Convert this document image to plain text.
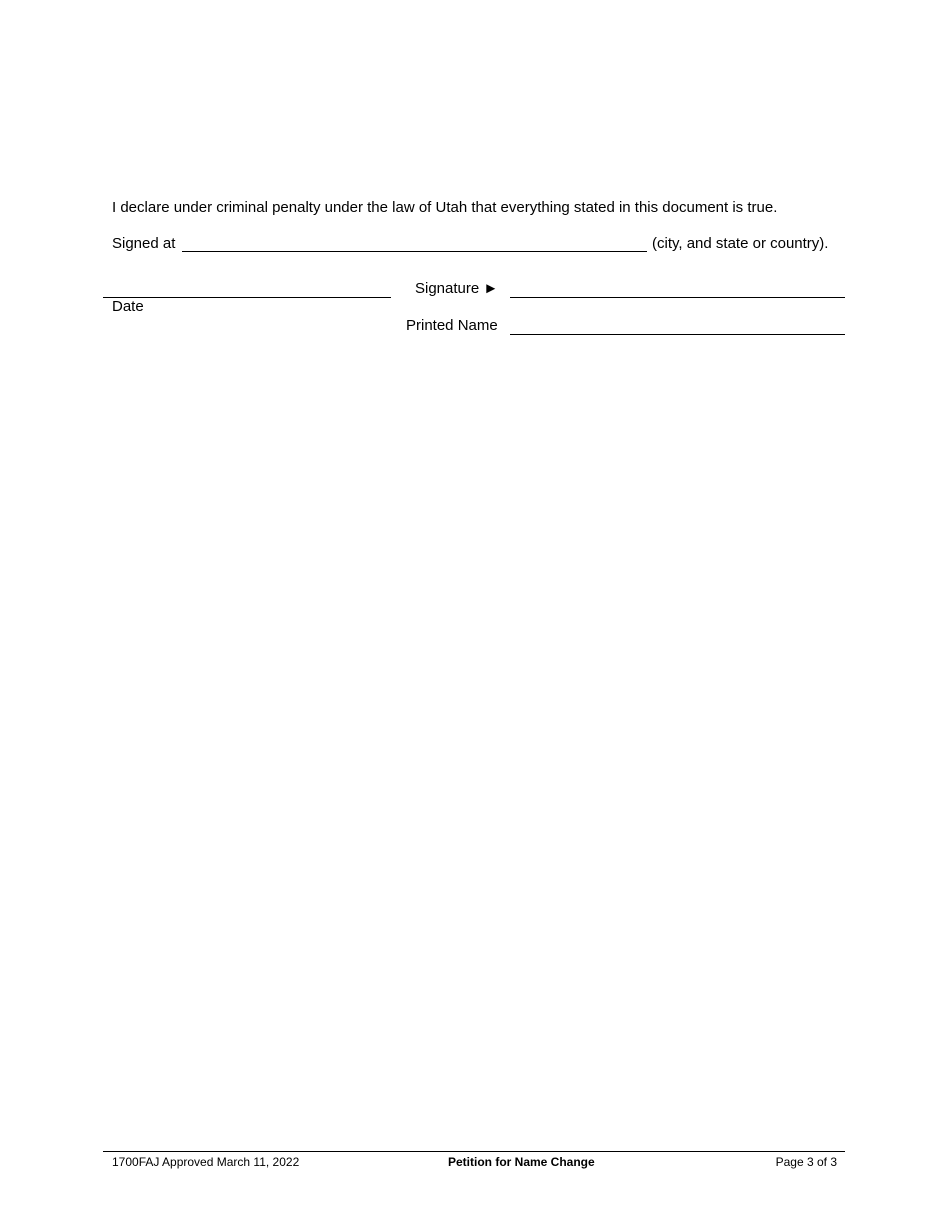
I declare under criminal penalty under the law of Utah that everything stated in this document is true.
Signed at	(city, and state or country).
Date
Signature ►
Printed Name
1700FAJ Approved March 11, 2022	Petition for Name Change	Page 3 of 3
